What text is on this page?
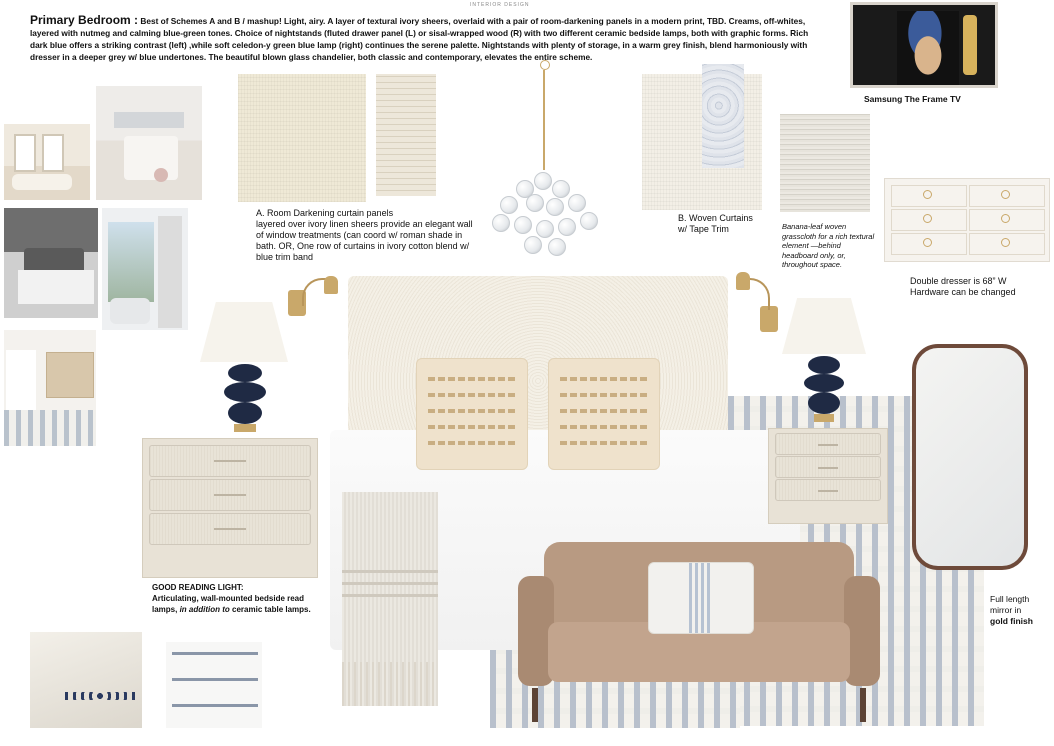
INTERIOR DESIGN
Primary Bedroom : Best of Schemes A and B / mashup! Light, airy. A layer of textural ivory sheers, overlaid with a pair of room-darkening panels in a modern print, TBD. Creams, off-whites, layered with nutmeg and calming blue-green tones. Choice of nightstands (fluted drawer panel (L) or sisal-wrapped wood (R) with two different ceramic bedside lamps, both with graphic forms. Rich dark blue offers a striking contrast (left) ,while soft celedon-y green blue lamp (right) continues the serene palette. Nightstands with plenty of storage, in a warm grey finish, blend harmoniously with dresser in a deeper grey w/ blue undertones. The beautiful blown glass chandelier, both classic and contemporary, elevates the entire scheme.
Samsung The Frame TV
A. Room Darkening curtain panels
layered over ivory linen sheers provide an elegant wall of window treatments (can coord w/ roman shade in bath. OR, One row of curtains in ivory cotton blend w/ blue trim band
B. Woven Curtains
w/ Tape Trim	Banana-leaf woven grasscloth for a rich textural element —behind headboard only, or, throughout space.
Double dresser is 68” W
Hardware can be changed
GOOD READING LIGHT:
Articulating, wall-mounted bedside read lamps, in addition to ceramic table lamps.
Full length
mirror in
gold finish
